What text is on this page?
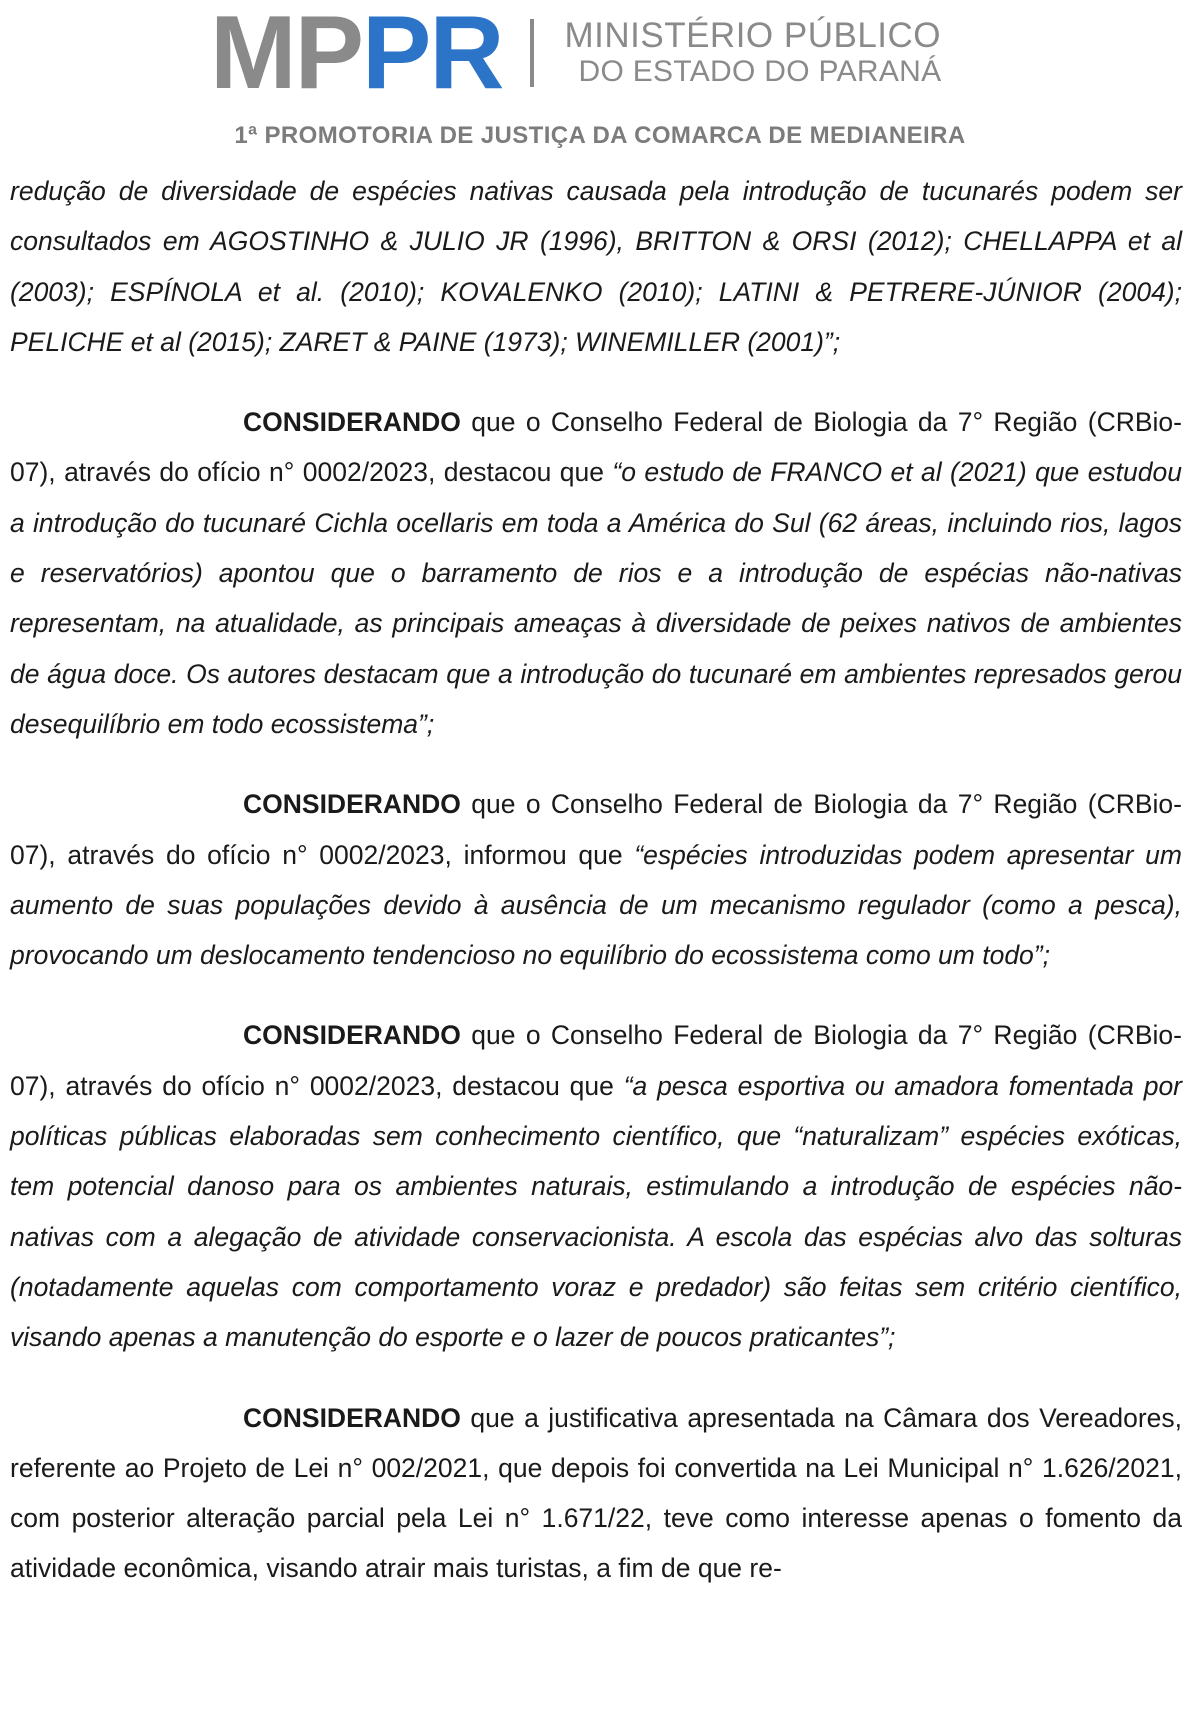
MP PR MINISTÉRIO PÚBLICO
DO ESTADO DO PARANÁ
1ª PROMOTORIA DE JUSTIÇA DA COMARCA DE MEDIANEIRA

redução de diversidade de espécies nativas causada pela introdução de tucunarés podem ser consultados em AGOSTINHO & JULIO JR (1996), BRITTON & ORSI (2012); CHELLAPPA et al (2003); ESPÍNOLA et al. (2010); KOVALENKO (2010); LATINI & PETRERE-JÚNIOR (2004); PELICHE et al (2015); ZARET & PAINE (1973); WINEMILLER (2001)”;

CONSIDERANDO que o Conselho Federal de Biologia da 7° Região (CRBio-07), através do ofício n° 0002/2023, destacou que “o estudo de FRANCO et al (2021) que estudou a introdução do tucunaré Cichla ocellaris em toda a América do Sul (62 áreas, incluindo rios, lagos e reservatórios) apontou que o barramento de rios e a introdução de espécias não-nativas representam, na atualidade, as principais ameaças à diversidade de peixes nativos de ambientes de água doce. Os autores destacam que a introdução do tucunaré em ambientes represados gerou desequilíbrio em todo ecossistema”;

CONSIDERANDO que o Conselho Federal de Biologia da 7° Região (CRBio-07), através do ofício n° 0002/2023, informou que “espécies introduzidas podem apresentar um aumento de suas populações devido à ausência de um mecanismo regulador (como a pesca), provocando um deslocamento tendencioso no equilíbrio do ecossistema como um todo”;

CONSIDERANDO que o Conselho Federal de Biologia da 7° Região (CRBio-07), através do ofício n° 0002/2023, destacou que “a pesca esportiva ou amadora fomentada por políticas públicas elaboradas sem conhecimento científico, que “naturalizam” espécies exóticas, tem potencial danoso para os ambientes naturais, estimulando a introdução de espécies não-nativas com a alegação de atividade conservacionista. A escola das espécias alvo das solturas (notadamente aquelas com comportamento voraz e predador) são feitas sem critério científico, visando apenas a manutenção do esporte e o lazer de poucos praticantes”;

CONSIDERANDO que a justificativa apresentada na Câmara dos Vereadores, referente ao Projeto de Lei n° 002/2021, que depois foi convertida na Lei Municipal n° 1.626/2021, com posterior alteração parcial pela Lei n° 1.671/22, teve como interesse apenas o fomento da atividade econômica, visando atrair mais turistas, a fim de que re-
